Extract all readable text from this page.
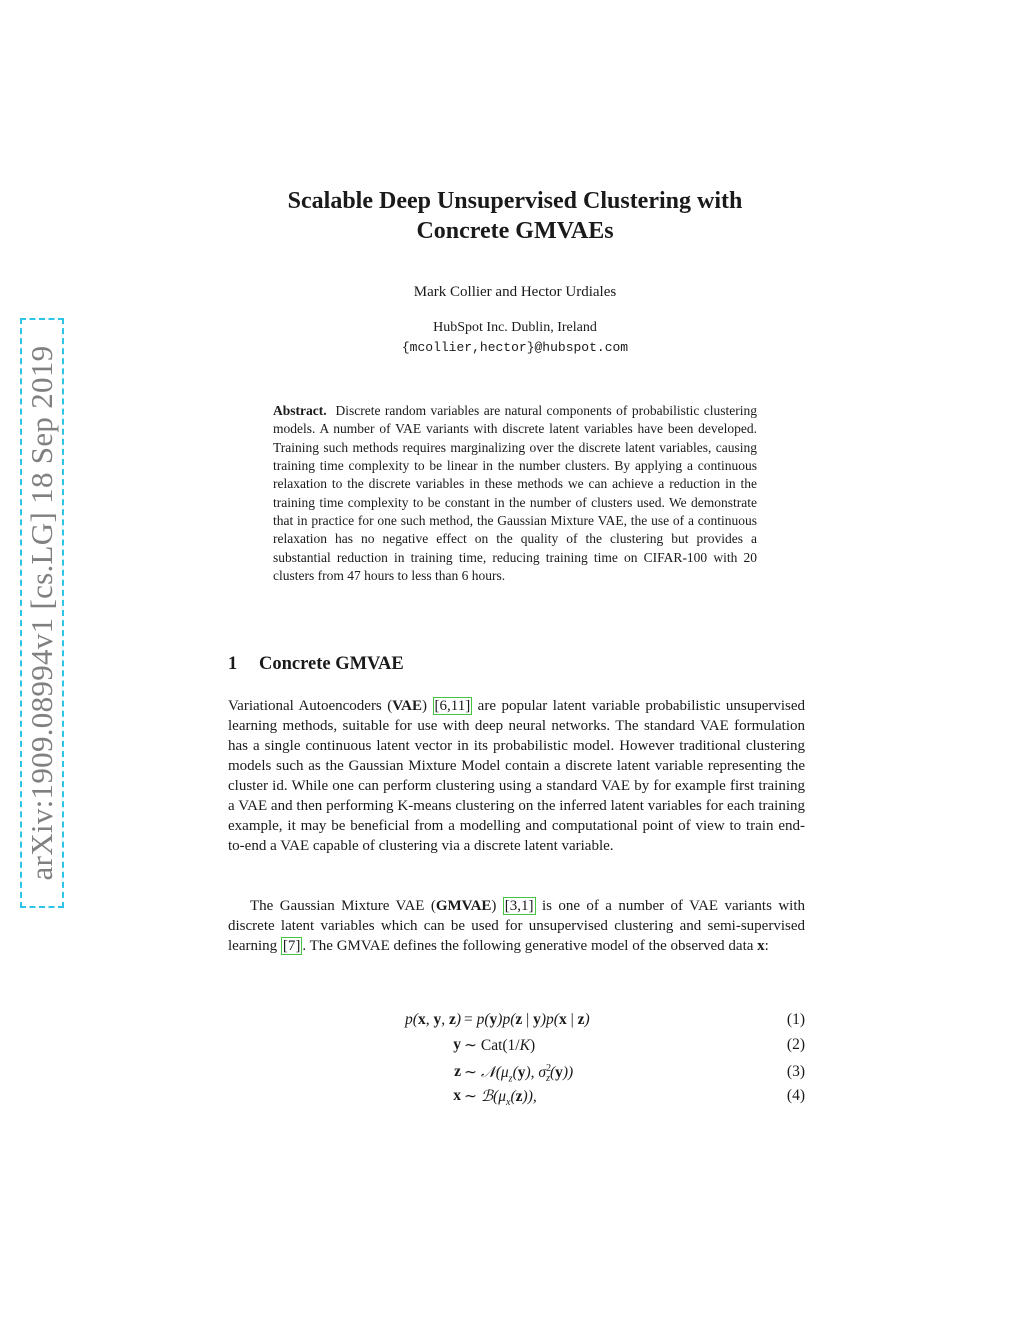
arXiv:1909.08994v1 [cs.LG] 18 Sep 2019
Scalable Deep Unsupervised Clustering with
Concrete GMVAEs
Mark Collier and Hector Urdiales
HubSpot Inc. Dublin, Ireland
{mcollier,hector}@hubspot.com
Abstract. Discrete random variables are natural components of probabilistic clustering models. A number of VAE variants with discrete latent variables have been developed. Training such methods requires marginalizing over the discrete latent variables, causing training time complexity to be linear in the number clusters. By applying a continuous relaxation to the discrete variables in these methods we can achieve a reduction in the training time complexity to be constant in the number of clusters used. We demonstrate that in practice for one such method, the Gaussian Mixture VAE, the use of a continuous relaxation has no negative effect on the quality of the clustering but provides a substantial reduction in training time, reducing training time on CIFAR-100 with 20 clusters from 47 hours to less than 6 hours.
1 Concrete GMVAE
Variational Autoencoders (VAE) [6,11] are popular latent variable probabilistic unsupervised learning methods, suitable for use with deep neural networks. The standard VAE formulation has a single continuous latent vector in its probabilistic model. However traditional clustering models such as the Gaussian Mixture Model contain a discrete latent variable representing the cluster id. While one can perform clustering using a standard VAE by for example first training a VAE and then performing K-means clustering on the inferred latent variables for each training example, it may be beneficial from a modelling and computational point of view to train end-to-end a VAE capable of clustering via a discrete latent variable.
The Gaussian Mixture VAE (GMVAE) [3,1] is one of a number of VAE variants with discrete latent variables which can be used for unsupervised clustering and semi-supervised learning [7] . The GMVAE defines the following generative model of the observed data x:
p(x, y, z) = p(y)p(z | y)p(x | z)	(1)
y ∼ Cat(1/K)	(2)
z ∼ $𝒩(\mu_z(y)$, $\sigma^2_z(y)$)	(3)
x ∼ $ℬ(\mu_x(z))$,	(4)
